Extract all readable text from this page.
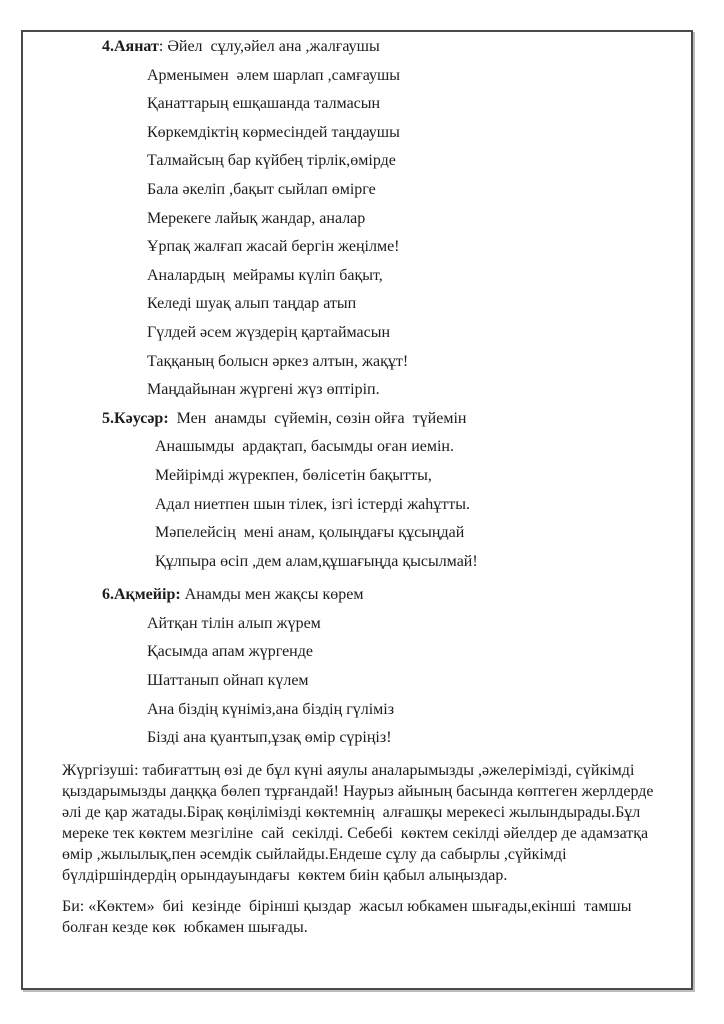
4.Аянат: Әйел  сұлу,әйел ана ,жалғаушы
Арменымен  әлем шарлап ,самғаушы
Қанаттарың ешқашанда талмасын
Көркемдіктің көрмесіндей таңдаушы
Талмайсың бар күйбең тірлік,өмірде
Бала әкеліп ,бақыт сыйлап өмірге
Мерекеге лайық жандар, аналар
Ұрпақ жалғап жасай бергін жеңілме!
Аналардың  мейрамы күліп бақыт,
Келеді шуақ алып таңдар атып
Гүлдей әсем жүздерің қартаймасын
Таққаның болысн әркез алтын, жақұт!
Маңдайынан жүргені жүз өптіріп.
5.Кәусәр:  Мен  анамды  сүйемін, сөзін ойға  түйемін
Анашымды  ардақтап, басымды оған иемін.
Мейірімді жүрекпен, бөлісетін бақытты,
Адал ниетпен шын тілек, ізгі істерді жаһұтты.
Мәпелейсің  мені анам, қолыңдағы құсыңдай
Құлпыра өсіп ,дем алам,құшағыңда қысылмай!
6.Ақмейір: Анамды мен жақсы көрем
Айтқан тілін алып жүрем
Қасымда апам жүргенде
Шаттанып ойнап күлем
Ана біздің күніміз,ана біздің гүліміз
Бізді ана қуантып,ұзақ өмір сүріңіз!
Жүргізуші: табиғаттың өзі де бұл күні аяулы аналарымызды ,әжелерімізді, сүйкімді қыздарымызды даңққа бөлеп тұрғандай! Наурыз айының басында көптеген жерлдерде әлі де қар жатады.Бірақ көңілімізді көктемнің  алғашқы мерекесі жылындырады.Бұл мереке тек көктем мезгіліне  сай  секілді. Себебі  көктем секілді әйелдер де адамзатқа өмір ,жылылық,пен әсемдік сыйлайды.Ендеше сұлу да сабырлы ,сүйкімді бүлдіршіндердің орындауындағы  көктем биін қабыл алыңыздар.
Би: «Көктем»  биі  кезінде  бірінші қыздар  жасыл юбкамен шығады,екінші  тамшы болған кезде көк  юбкамен шығады.
